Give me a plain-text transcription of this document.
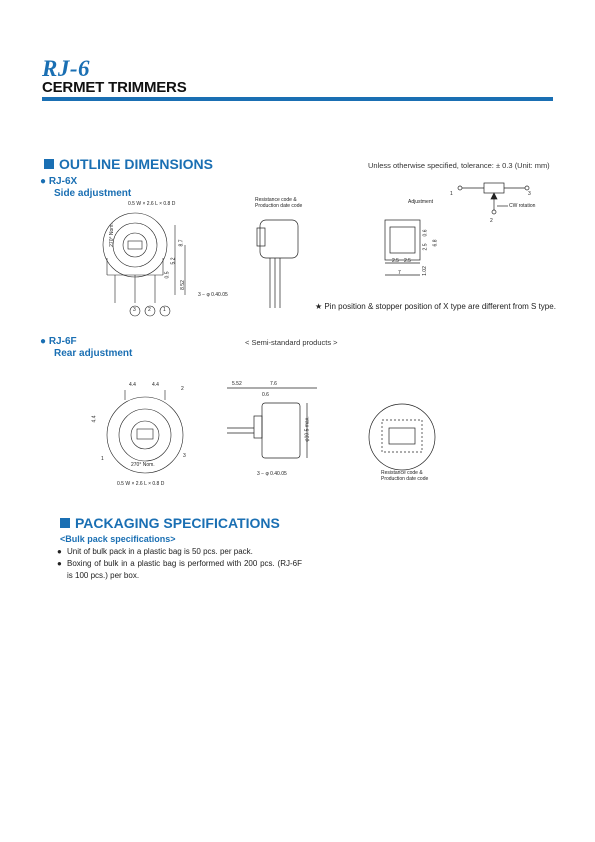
RJ-6
CERMET TRIMMERS
OUTLINE DIMENSIONS	Unless otherwise specified, tolerance: ± 0.3 (Unit: mm)
● RJ-6X
Side adjustment
0.5 W × 2.6 L × 0.8 D
270° Nom.	8.7
5.2
0.5
8.52
3 − φ 0.40.05
3 2 1
Resistance code &
Production date code
Adjustment
0.6
2.5
6.8
2.5 2.5
7	1.02
1	3
2
CW rotation
★ Pin position & stopper position of X type are different from S type.
● RJ-6F
Rear adjustment
< Semi-standard products >
4.4	4.4
4.4
2
1	3
270° Nom.
0.5 W × 2.6 L × 0.8 D
5.52	7.6
0.6
φ10.5 max.
3 − φ 0.40.05	Resistance code &
Production date code
PACKAGING SPECIFICATIONS
<Bulk pack specifications>
● Unit of bulk pack in a plastic bag is 50 pcs. per pack.
● Boxing of bulk in a plastic bag is performed with 200 pcs. (RJ-6F is 100 pcs.) per box.
